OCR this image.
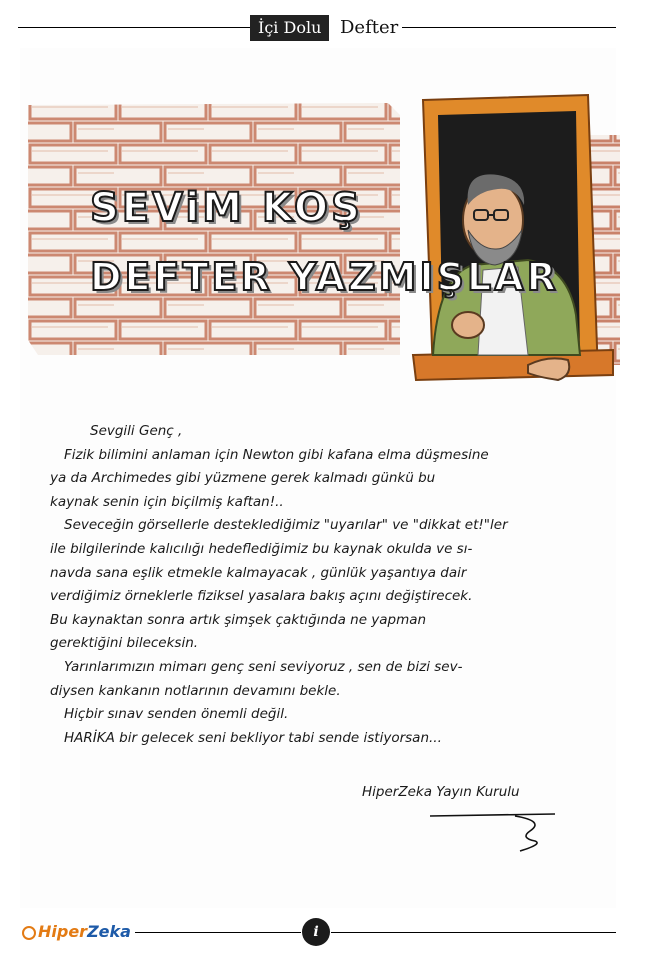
İçi Dolu	Defter
SEViM KOŞ
DEFTER YAZMIŞLAR

Sevgili Genç ,

Fizik bilimini anlaman için Newton gibi kafana elma düşmesine

ya da Archimedes gibi yüzmene gerek kalmadı günkü bu

kaynak senin için biçilmiş kaftan!..

Seveceğin görsellerle desteklediğimiz "uyarılar" ve "dikkat et!"ler

ile bilgilerinde kalıcılığı hedeflediğimiz bu kaynak okulda ve sı-

navda sana eşlik etmekle kalmayacak , günlük yaşantıya dair

verdiğimiz örneklerle fiziksel yasalara bakış açını değiştirecek.

Bu kaynaktan sonra artık şimşek çaktığında ne yapman

gerektiğini bileceksin.

Yarınlarımızın mimarı genç seni seviyoruz , sen de bizi sev-

diysen kankanın notlarının devamını bekle.

Hiçbir sınav senden önemli değil.

HARİKA bir gelecek seni bekliyor tabi sende istiyorsan...

HiperZeka Yayın Kurulu
HiperZeka	i
